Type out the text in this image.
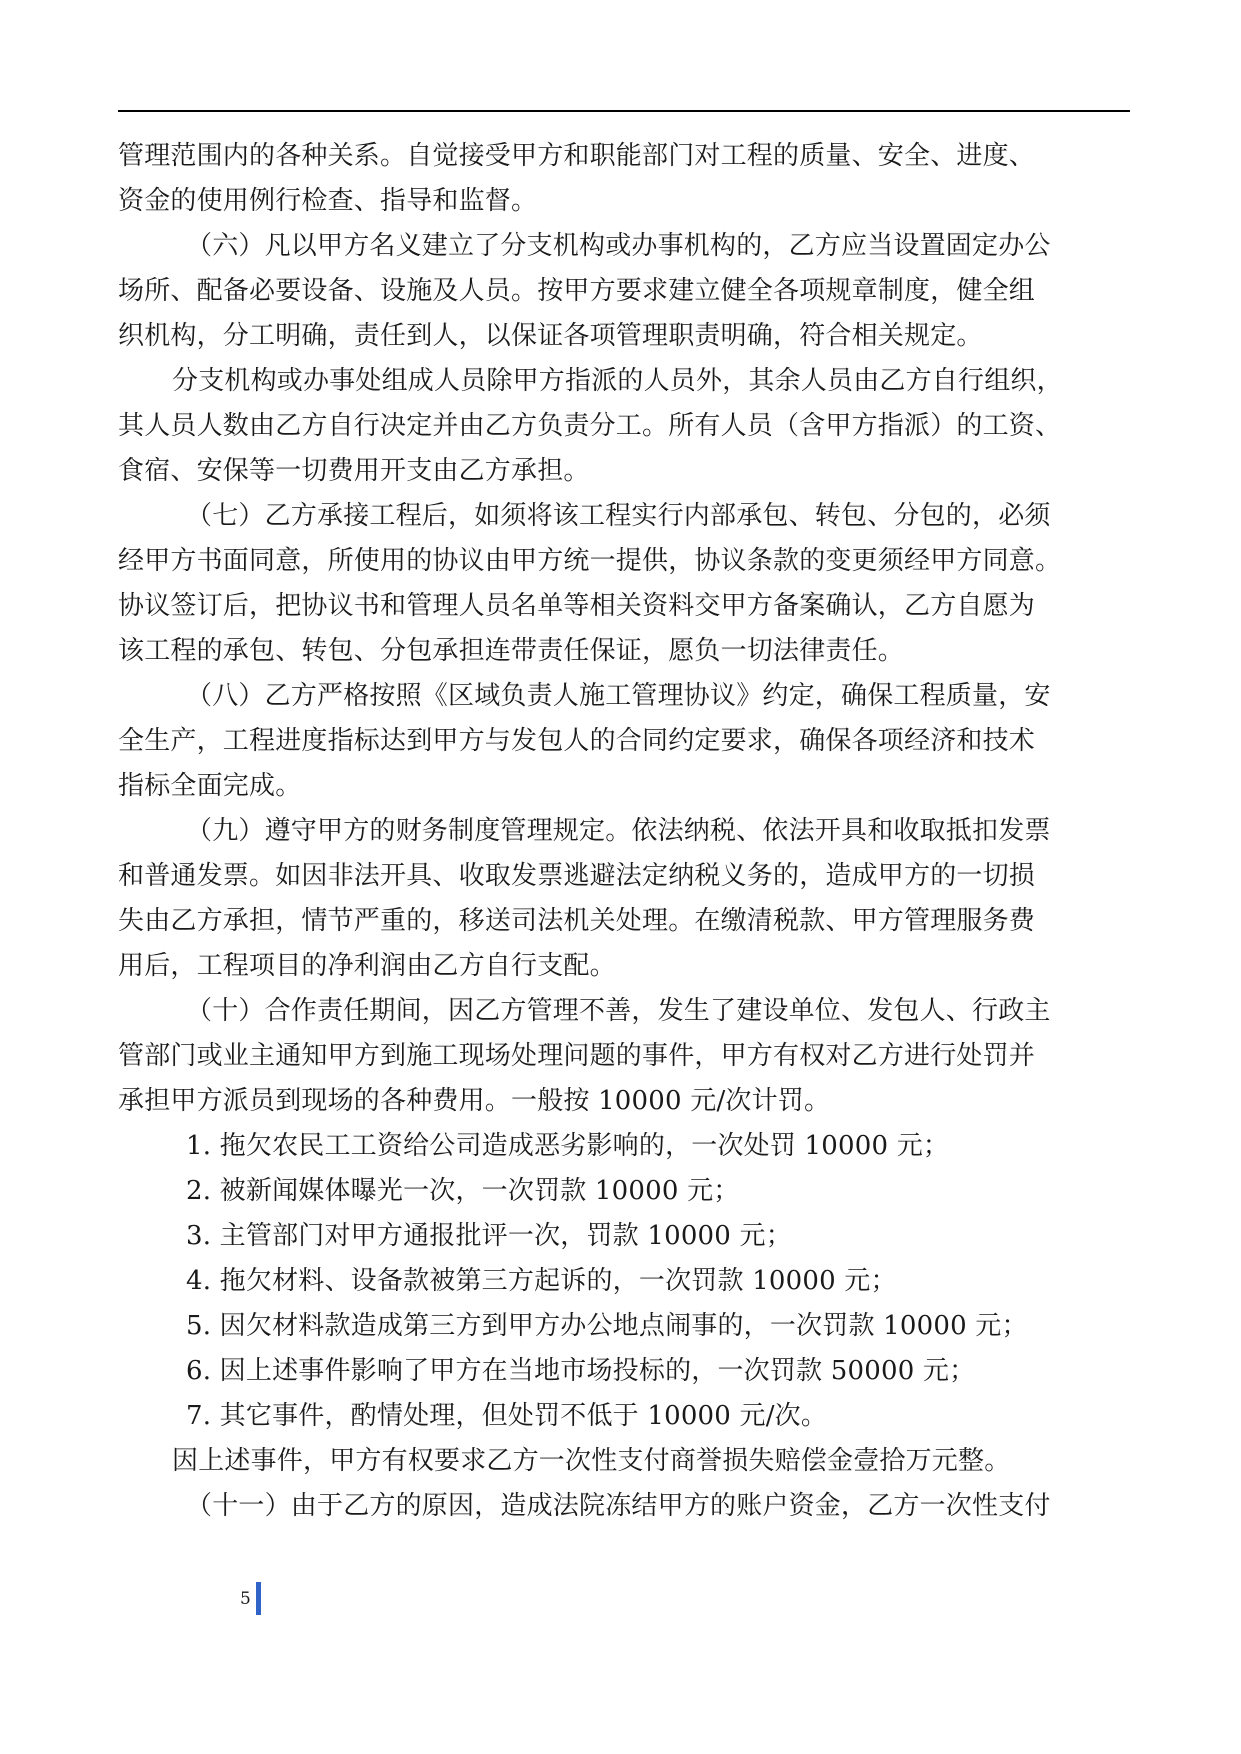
管理范围内的各种关系。自觉接受甲方和职能部门对工程的质量、安全、进度、
资金的使用例行检查、指导和监督。
（六）凡以甲方名义建立了分支机构或办事机构的，乙方应当设置固定办公
场所、配备必要设备、设施及人员。按甲方要求建立健全各项规章制度，健全组
织机构，分工明确，责任到人，以保证各项管理职责明确，符合相关规定。
分支机构或办事处组成人员除甲方指派的人员外，其余人员由乙方自行组织，
其人员人数由乙方自行决定并由乙方负责分工。所有人员（含甲方指派）的工资、
食宿、安保等一切费用开支由乙方承担。
（七）乙方承接工程后，如须将该工程实行内部承包、转包、分包的，必须
经甲方书面同意，所使用的协议由甲方统一提供，协议条款的变更须经甲方同意。
协议签订后，把协议书和管理人员名单等相关资料交甲方备案确认，乙方自愿为
该工程的承包、转包、分包承担连带责任保证，愿负一切法律责任。
（八）乙方严格按照《区域负责人施工管理协议》约定，确保工程质量，安
全生产，工程进度指标达到甲方与发包人的合同约定要求，确保各项经济和技术
指标全面完成。
（九）遵守甲方的财务制度管理规定。依法纳税、依法开具和收取抵扣发票
和普通发票。如因非法开具、收取发票逃避法定纳税义务的，造成甲方的一切损
失由乙方承担，情节严重的，移送司法机关处理。在缴清税款、甲方管理服务费
用后，工程项目的净利润由乙方自行支配。
（十）合作责任期间，因乙方管理不善，发生了建设单位、发包人、行政主
管部门或业主通知甲方到施工现场处理问题的事件，甲方有权对乙方进行处罚并
承担甲方派员到现场的各种费用。一般按 10000 元/次计罚。
1. 拖欠农民工工资给公司造成恶劣影响的，一次处罚 10000 元；
2. 被新闻媒体曝光一次，一次罚款 10000 元；
3. 主管部门对甲方通报批评一次，罚款 10000 元；
4. 拖欠材料、设备款被第三方起诉的，一次罚款 10000 元；
5. 因欠材料款造成第三方到甲方办公地点闹事的，一次罚款 10000 元；
6. 因上述事件影响了甲方在当地市场投标的，一次罚款 50000 元；
7. 其它事件，酌情处理，但处罚不低于 10000 元/次。
因上述事件，甲方有权要求乙方一次性支付商誉损失赔偿金壹拾万元整。
（十一）由于乙方的原因，造成法院冻结甲方的账户资金，乙方一次性支付
5
